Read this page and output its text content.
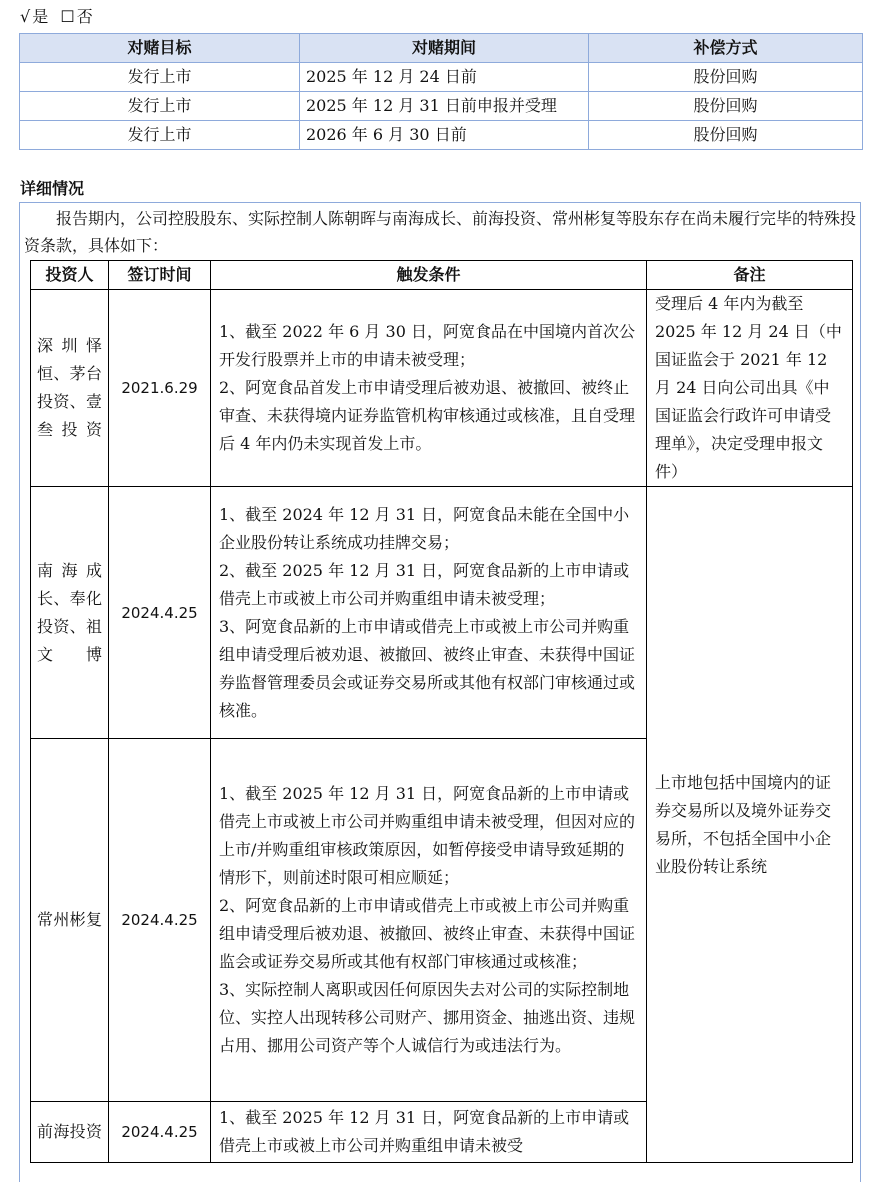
√ 是 ☐ 否
对赌目标	对赌期间	补偿方式
发行上市	2025 年 12 月 24 日前	股份回购
发行上市	2025 年 12 月 31 日前申报并受理	股份回购
发行上市	2026 年 6 月 30 日前	股份回购
详细情况

报告期内，公司控股股东、实际控制人陈朝晖与南海成长、前海投资、常州彬复等股东存在尚未履行完毕的特殊投资条款，具体如下：

投资人	签订时间	触发条件	备注
深圳怿恒、茅台投资、壹叁投资	2021.6.29	1、截至 2022 年 6 月 30 日，阿宽食品在中国境内首次公开发行股票并上市的申请未被受理；
2、阿宽食品首发上市申请受理后被劝退、被撤回、被终止审查、未获得境内证券监管机构审核通过或核准，且自受理后 4 年内仍未实现首发上市。	受理后 4 年内为截至 2025 年 12 月 24 日（中国证监会于 2021 年 12 月 24 日向公司出具《中国证监会行政许可申请受理单》，决定受理申报文件）
南海成长、奉化投资、祖文博	2024.4.25	1、截至 2024 年 12 月 31 日，阿宽食品未能在全国中小企业股份转让系统成功挂牌交易；
2、截至 2025 年 12 月 31 日，阿宽食品新的上市申请或借壳上市或被上市公司并购重组申请未被受理；
3、阿宽食品新的上市申请或借壳上市或被上市公司并购重组申请受理后被劝退、被撤回、被终止审查、未获得中国证券监督管理委员会或证券交易所或其他有权部门审核通过或核准。	上市地包括中国境内的证券交易所以及境外证券交易所，不包括全国中小企业股份转让系统
常州彬复	2024.4.25	1、截至 2025 年 12 月 31 日，阿宽食品新的上市申请或借壳上市或被上市公司并购重组申请未被受理，但因对应的上市/并购重组审核政策原因，如暂停接受申请导致延期的情形下，则前述时限可相应顺延；
2、阿宽食品新的上市申请或借壳上市或被上市公司并购重组申请受理后被劝退、被撤回、被终止审查、未获得中国证监会或证券交易所或其他有权部门审核通过或核准；
3、实际控制人离职或因任何原因失去对公司的实际控制地位、实控人出现转移公司财产、挪用资金、抽逃出资、违规占用、挪用公司资产等个人诚信行为或违法行为。	

前海投资	2024.4.25	1、截至 2025 年 12 月 31 日，阿宽食品新的上市申请或借壳上市或被上市公司并购重组申请未被受	
